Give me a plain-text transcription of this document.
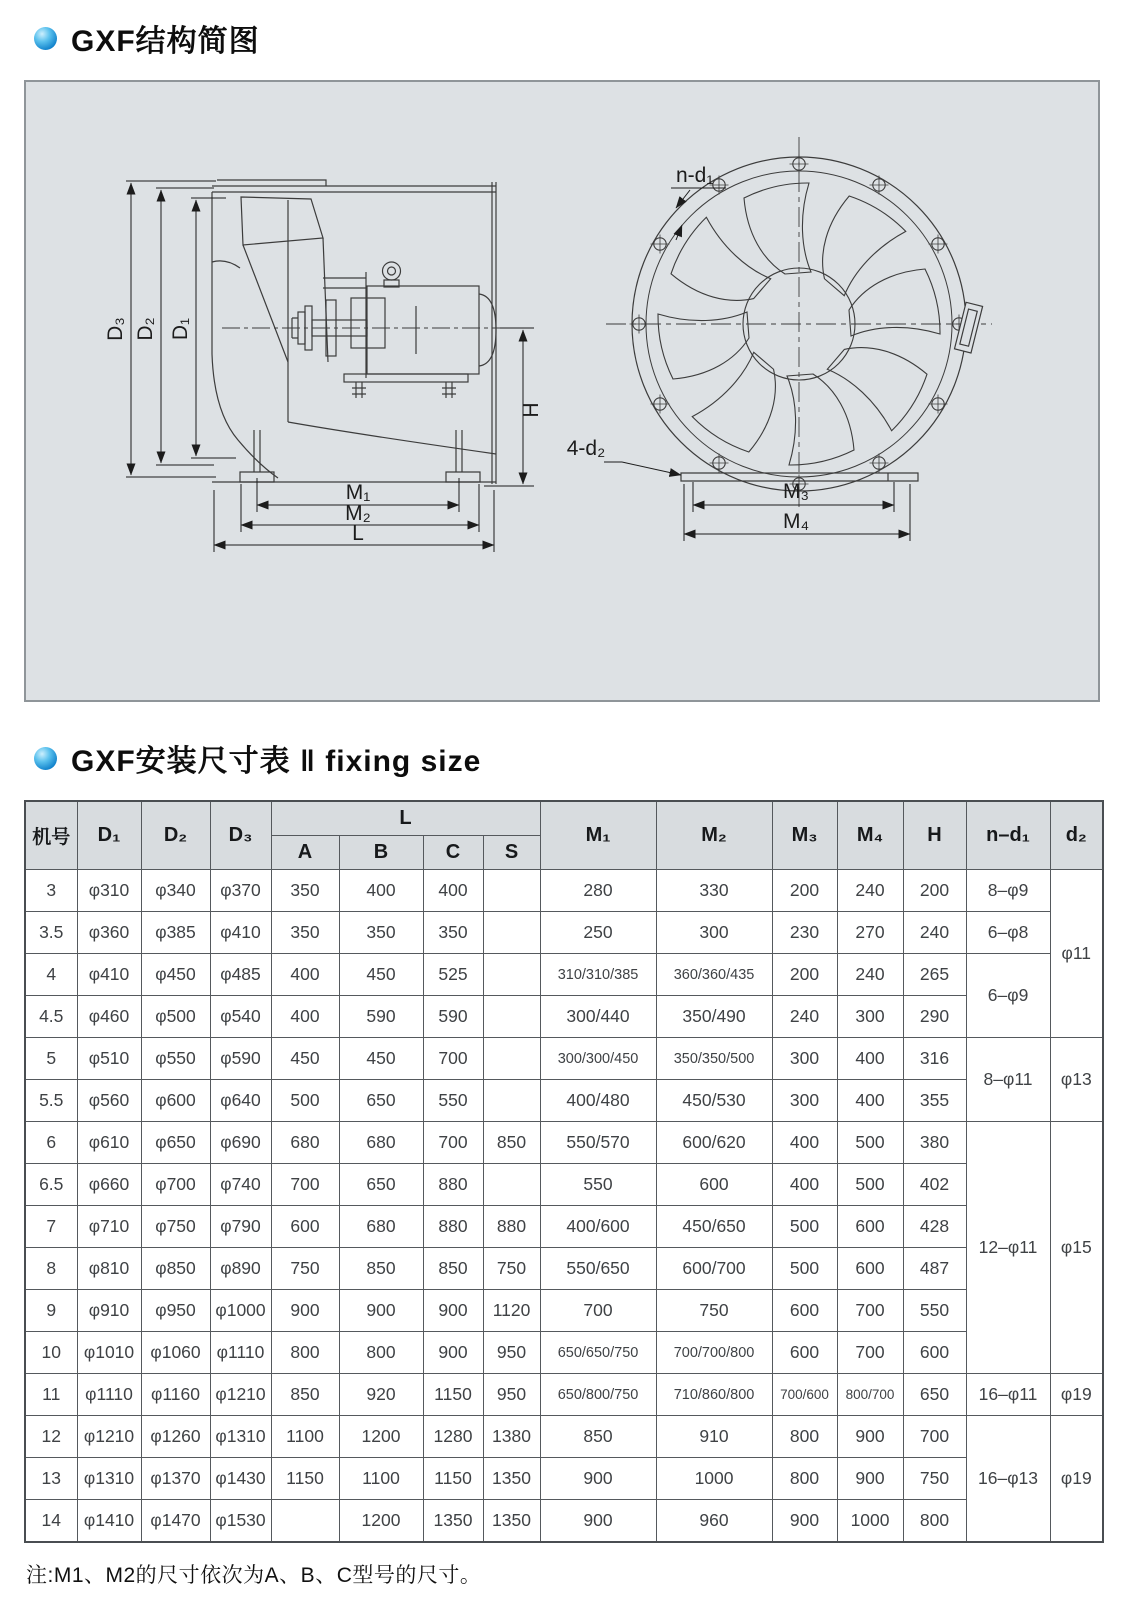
GXF结构简图
D₃ D₂ D₁
H
M₁
M₂
L
n-d₁
4-d₂
M₃
M₄
GXF安装尺寸表 ‖ fixing size
机号	D₁	D₂	D₃	L				M₁	M₂	M₃	M₄	H	n–d₁	d₂
				A	B	C	S							
3	φ310	φ340	φ370	350	400	400		280	330	200	240	200	8–φ9	φ11
3.5	φ360	φ385	φ410	350	350	350		250	300	230	270	240	6–φ8	
4	φ410	φ450	φ485	400	450	525		310/310/385	360/360/435	200	240	265	6–φ9	
4.5	φ460	φ500	φ540	400	590	590		300/440	350/490	240	300	290		
5	φ510	φ550	φ590	450	450	700		300/300/450	350/350/500	300	400	316	8–φ11	φ13
5.5	φ560	φ600	φ640	500	650	550		400/480	450/530	300	400	355		
6	φ610	φ650	φ690	680	680	700	850	550/570	600/620	400	500	380	12–φ11	φ15
6.5	φ660	φ700	φ740	700	650	880		550	600	400	500	402		
7	φ710	φ750	φ790	600	680	880	880	400/600	450/650	500	600	428		
8	φ810	φ850	φ890	750	850	850	750	550/650	600/700	500	600	487		
9	φ910	φ950	φ1000	900	900	900	1120	700	750	600	700	550		
10	φ1010	φ1060	φ1110	800	800	900	950	650/650/750	700/700/800	600	700	600		
11	φ1110	φ1160	φ1210	850	920	1150	950	650/800/750	710/860/800	700/600	800/700	650	16–φ11	φ19
12	φ1210	φ1260	φ1310	1100	1200	1280	1380	850	910	800	900	700	16–φ13	φ19
13	φ1310	φ1370	φ1430	1150	1100	1150	1350	900	1000	800	900	750		
14	φ1410	φ1470	φ1530		1200	1350	1350	900	960	900	1000	800		
注:M1、M2的尺寸依次为A、B、C型号的尺寸。
